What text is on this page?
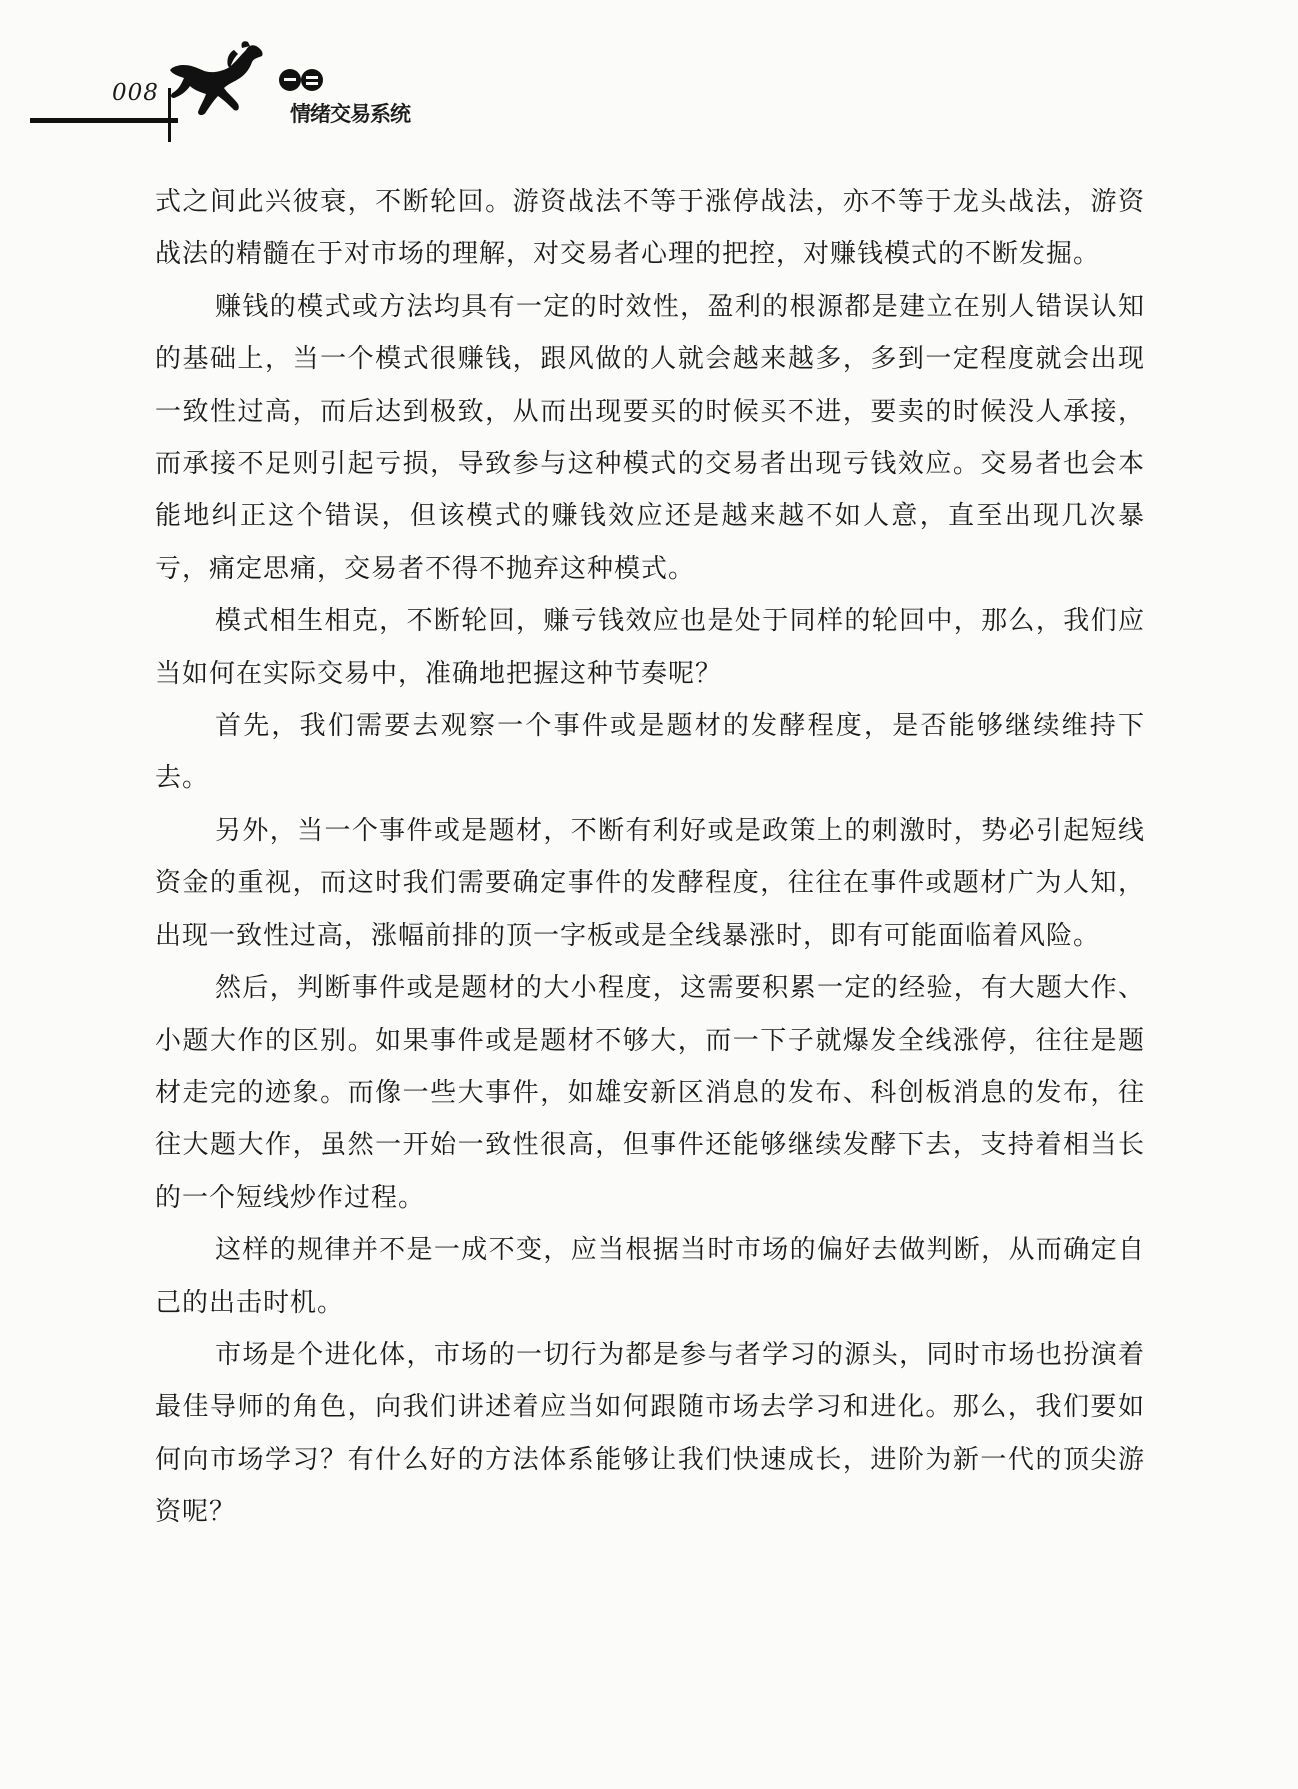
008
情绪交易系统

式之间此兴彼衰，不断轮回。游资战法不等于涨停战法，亦不等于龙头战法，游资战法的精髓在于对市场的理解，对交易者心理的把控，对赚钱模式的不断发掘。

赚钱的模式或方法均具有一定的时效性，盈利的根源都是建立在别人错误认知的基础上，当一个模式很赚钱，跟风做的人就会越来越多，多到一定程度就会出现一致性过高，而后达到极致，从而出现要买的时候买不进，要卖的时候没人承接，而承接不足则引起亏损，导致参与这种模式的交易者出现亏钱效应。交易者也会本能地纠正这个错误，但该模式的赚钱效应还是越来越不如人意，直至出现几次暴亏，痛定思痛，交易者不得不抛弃这种模式。

模式相生相克，不断轮回，赚亏钱效应也是处于同样的轮回中，那么，我们应当如何在实际交易中，准确地把握这种节奏呢？

首先，我们需要去观察一个事件或是题材的发酵程度，是否能够继续维持下去。

另外，当一个事件或是题材，不断有利好或是政策上的刺激时，势必引起短线资金的重视，而这时我们需要确定事件的发酵程度，往往在事件或题材广为人知，出现一致性过高，涨幅前排的顶一字板或是全线暴涨时，即有可能面临着风险。

然后，判断事件或是题材的大小程度，这需要积累一定的经验，有大题大作、小题大作的区别。如果事件或是题材不够大，而一下子就爆发全线涨停，往往是题材走完的迹象。而像一些大事件，如雄安新区消息的发布、科创板消息的发布，往往大题大作，虽然一开始一致性很高，但事件还能够继续发酵下去，支持着相当长的一个短线炒作过程。

这样的规律并不是一成不变，应当根据当时市场的偏好去做判断，从而确定自己的出击时机。

市场是个进化体，市场的一切行为都是参与者学习的源头，同时市场也扮演着最佳导师的角色，向我们讲述着应当如何跟随市场去学习和进化。那么，我们要如何向市场学习？有什么好的方法体系能够让我们快速成长，进阶为新一代的顶尖游资呢？
